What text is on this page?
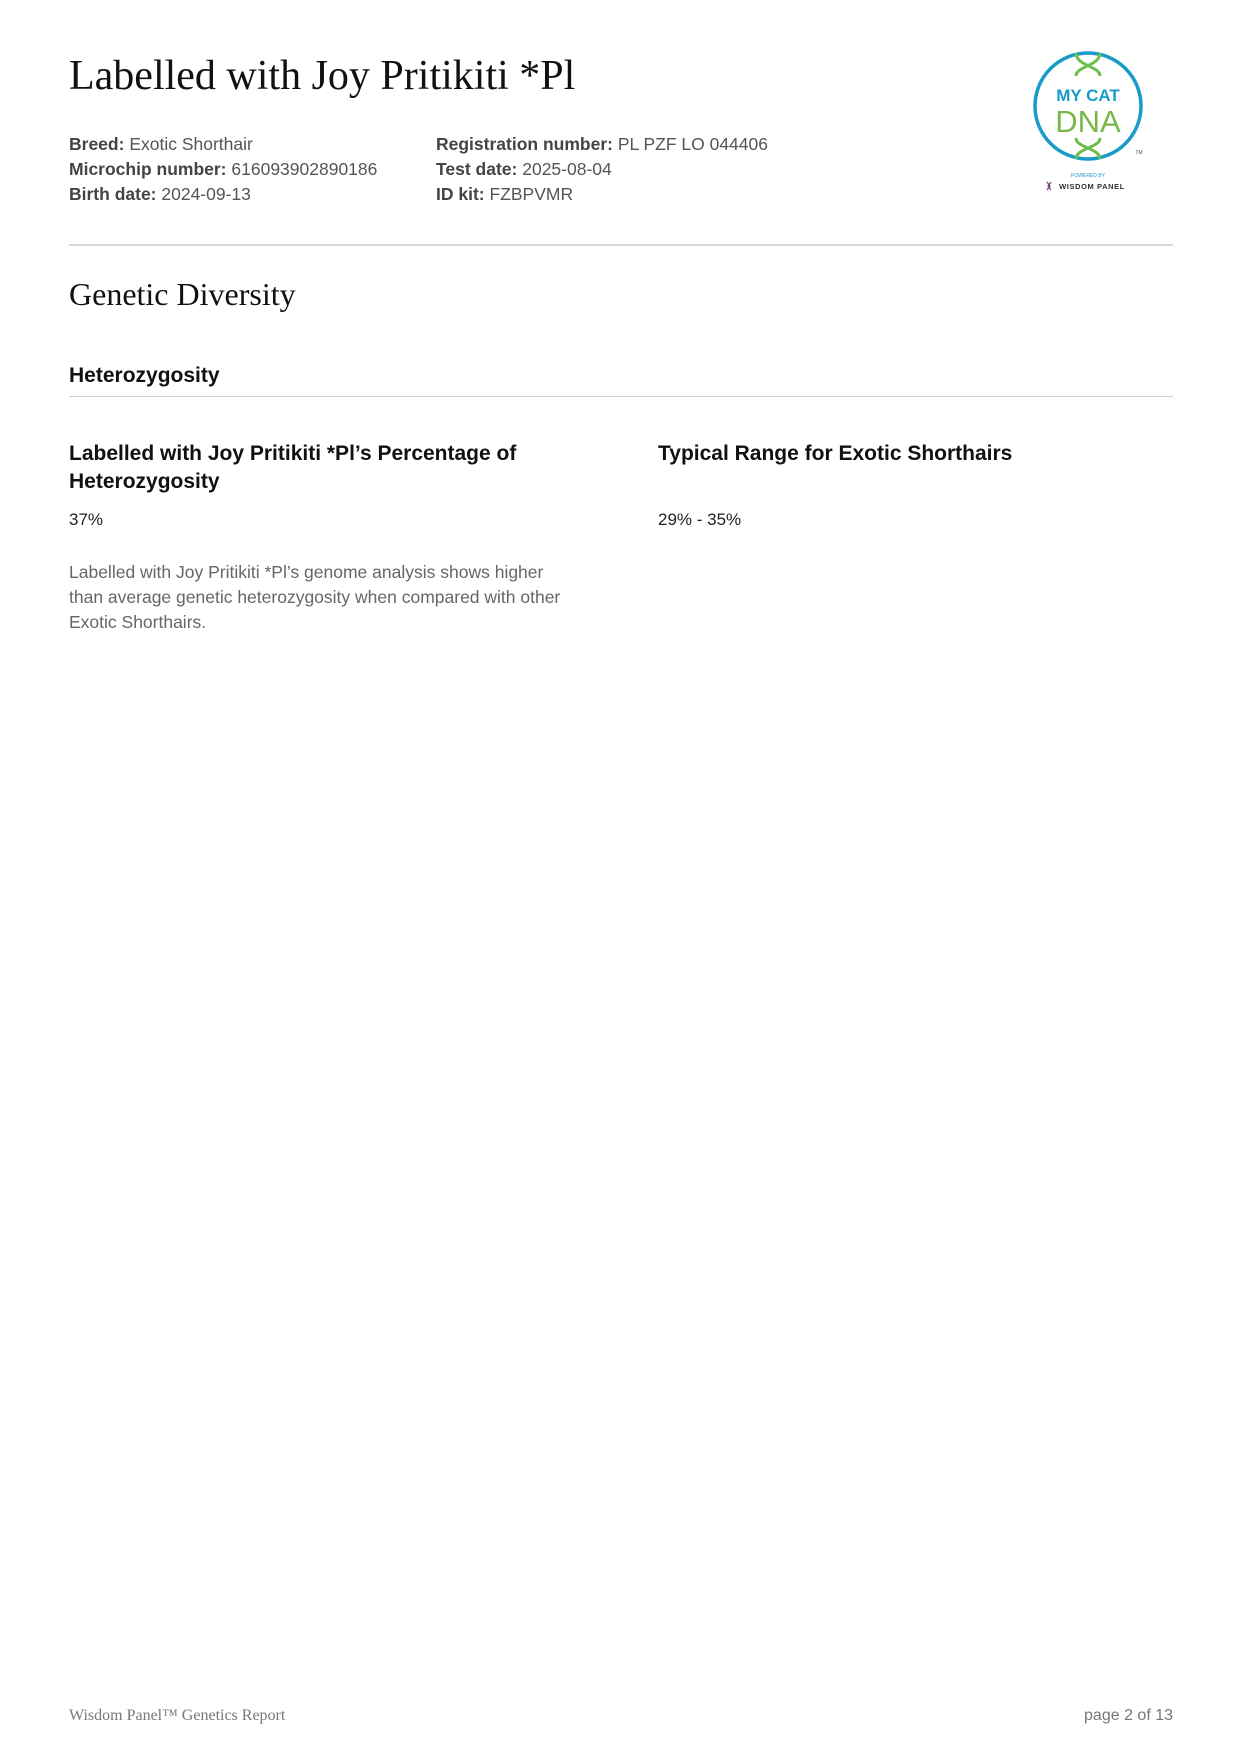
Labelled with Joy Pritikiti *Pl
Breed: Exotic Shorthair
Microchip number: 616093902890186
Birth date: 2024-09-13
Registration number: PL PZF LO 044406
Test date: 2025-08-04
ID kit: FZBPVMR
MY CAT
DNA
TM
POWERED BY
WISDOM PANEL
Genetic Diversity
Heterozygosity
Labelled with Joy Pritikiti *Pl’s Percentage of
Heterozygosity
37%
Typical Range for Exotic Shorthairs
29% - 35%
Labelled with Joy Pritikiti *Pl’s genome analysis shows higher
than average genetic heterozygosity when compared with other
Exotic Shorthairs.
Wisdom Panel™ Genetics Report	page 2 of 13
